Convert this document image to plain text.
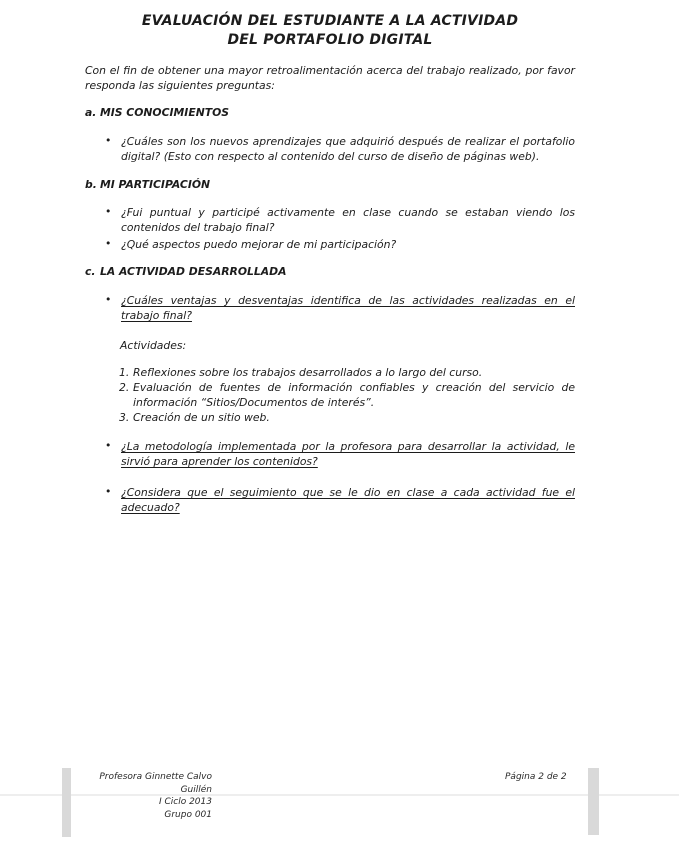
EVALUACIÓN DEL ESTUDIANTE A LA ACTIVIDAD
DEL PORTAFOLIO DIGITAL

Con el fin de obtener una mayor retroalimentación acerca del trabajo realizado, por favor responda las siguientes preguntas:

a. MIS CONOCIMIENTOS
• ¿Cuáles son los nuevos aprendizajes que adquirió después de realizar el portafolio digital? (Esto con respecto al contenido del curso de diseño de páginas web).
b. MI PARTICIPACIÓN
• ¿Fui puntual y participé activamente en clase cuando se estaban viendo los contenidos del trabajo final?
• ¿Qué aspectos puedo mejorar de mi participación?
c. LA ACTIVIDAD DESARROLLADA
• ¿Cuáles ventajas y desventajas identifica de las actividades realizadas en el trabajo final?
Actividades:
1. Reflexiones sobre los trabajos desarrollados a lo largo del curso.
2. Evaluación de fuentes de información confiables y creación del servicio de información “Sitios/Documentos de interés”.
3. Creación de un sitio web.
• ¿La metodología implementada por la profesora para desarrollar la actividad, le sirvió para aprender los contenidos?
• ¿Considera que el seguimiento que se le dio en clase a cada actividad fue el adecuado?
Profesora Ginnette Calvo Guillén
I Ciclo 2013
Grupo 001
Página 2 de 2
